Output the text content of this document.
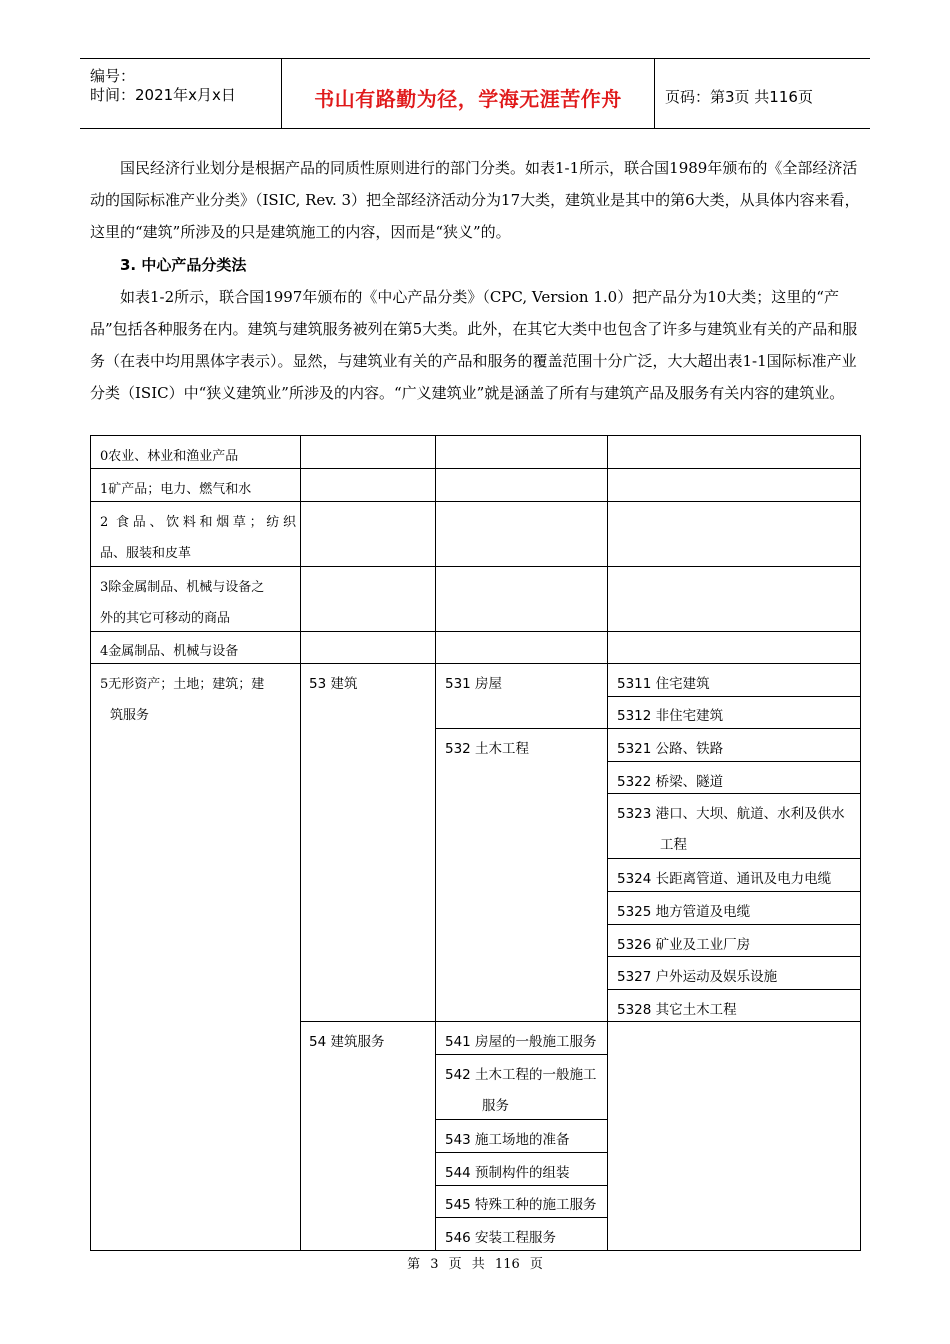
编号：
时间：2021年x月x日	书山有路勤为径，学海无涯苦作舟	页码：第3页 共116页

国民经济行业划分是根据产品的同质性原则进行的部门分类。如表1-1所示，联合国1989年颁布的《全部经济活动的国际标准产业分类》（ISIC, Rev. 3）把全部经济活动分为17大类，建筑业是其中的第6大类，从具体内容来看，这里的“建筑”所涉及的只是建筑施工的内容，因而是“狭义”的。

3. 中心产品分类法

如表1-2所示，联合国1997年颁布的《中心产品分类》（CPC, Version 1.0）把产品分为10大类；这里的“产品”包括各种服务在内。建筑与建筑服务被列在第5大类。此外，在其它大类中也包含了许多与建筑业有关的产品和服务（在表中均用黑体字表示）。显然，与建筑业有关的产品和服务的覆盖范围十分广泛，大大超出表1-1国际标准产业分类（ISIC）中“狭义建筑业”所涉及的内容。“广义建筑业”就是涵盖了所有与建筑产品及服务有关内容的建筑业。

0农业、林业和渔业产品
1矿产品；电力、燃气和水
2 食品、饮料和烟草；纺织
品、服装和皮革
3除金属制品、机械与设备之
外的其它可移动的商品
4金属制品、机械与设备
5无形资产；土地；建筑；建
筑服务
53 建筑
54 建筑服务
531 房屋
532 土木工程
541 房屋的一般施工服务
542 土木工程的一般施工
服务
543 施工场地的准备
544 预制构件的组装
545 特殊工种的施工服务
546 安装工程服务
5311 住宅建筑
5312 非住宅建筑
5321 公路、铁路
5322 桥梁、隧道
5323 港口、大坝、航道、水利及供水
工程
5324 长距离管道、通讯及电力电缆
5325 地方管道及电缆
5326 矿业及工业厂房
5327 户外运动及娱乐设施
5328 其它土木工程
第 3 页 共 116 页
